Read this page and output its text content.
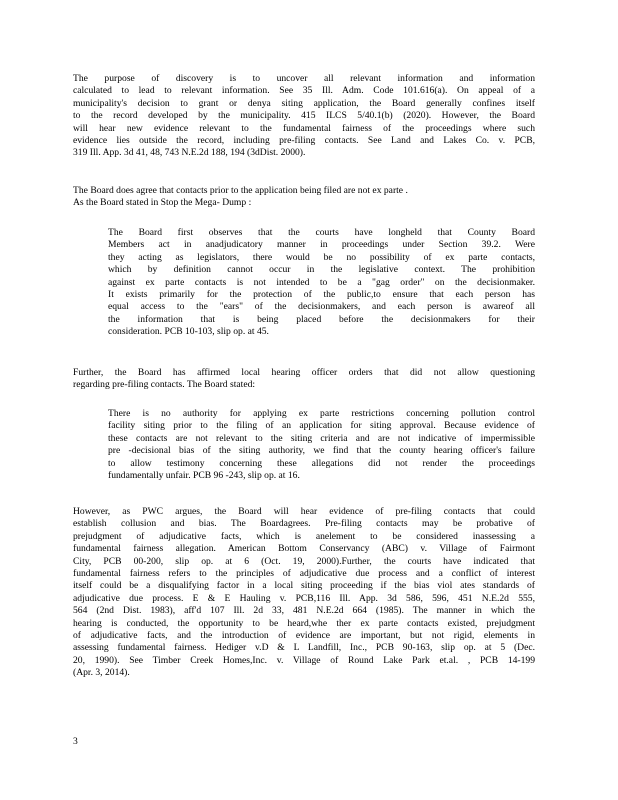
The purpose of discovery is to uncover all relevant information and information
calculated to lead to relevant information. See 35 Ill. Adm. Code 101.616(a). On appeal of a
municipality's decision to grant or denya siting application, the Board generally confines itself
to the record developed by the municipality. 415 ILCS 5/40.1(b) (2020). However, the Board
will hear new evidence relevant to the fundamental fairness of the proceedings where such
evidence lies outside the record, including pre-filing contacts. See Land and Lakes Co. v. PCB,
319 Ill. App. 3d 41, 48, 743 N.E.2d 188, 194 (3dDist. 2000).
The Board does agree that contacts prior to the application being filed are not ex parte .
As the Board stated in Stop the Mega- Dump :
The Board first observes that the courts have longheld that County Board
Members act in anadjudicatory manner in proceedings under Section 39.2. Were
they acting as legislators, there would be no possibility of ex parte contacts,
which by definition cannot occur in the legislative context. The prohibition
against ex parte contacts is not intended to be a "gag order" on the decisionmaker.
It exists primarily for the protection of the public,to ensure that each person has
equal access to the "ears" of the decisionmakers, and each person is awareof all
the information that is being placed before the decisionmakers for their
consideration. PCB 10-103, slip op. at 45.
Further, the Board has affirmed local hearing officer orders that did not allow questioning
regarding pre-filing contacts. The Board stated:
There is no authority for applying ex parte restrictions concerning pollution control
facility siting prior to the filing of an application for siting approval. Because evidence of
these contacts are not relevant to the siting criteria and are not indicative of impermissible
pre -decisional bias of the siting authority, we find that the county hearing officer's failure
to allow testimony concerning these allegations did not render the proceedings
fundamentally unfair. PCB 96 -243, slip op. at 16.
However, as PWC argues, the Board will hear evidence of pre-filing contacts that could
establish collusion and bias. The Boardagrees. Pre-filing contacts may be probative of
prejudgment of adjudicative facts, which is anelement to be considered inassessing a
fundamental fairness allegation. American Bottom Conservancy (ABC) v. Village of Fairmont
City, PCB 00-200, slip op. at 6 (Oct. 19, 2000).Further, the courts have indicated that
fundamental fairness refers to the principles of adjudicative due process and a conflict of interest
itself could be a disqualifying factor in a local siting proceeding if the bias viol ates standards of
adjudicative due process. E & E Hauling v. PCB,116 Ill. App. 3d 586, 596, 451 N.E.2d 555,
564 (2nd Dist. 1983), aff'd 107 Ill. 2d 33, 481 N.E.2d 664 (1985). The manner in which the
hearing is conducted, the opportunity to be heard,whe ther ex parte contacts existed, prejudgment
of adjudicative facts, and the introduction of evidence are important, but not rigid, elements in
assessing fundamental fairness. Hediger v.D & L Landfill, Inc., PCB 90-163, slip op. at 5 (Dec.
20, 1990). See Timber Creek Homes,Inc. v. Village of Round Lake Park et.al. , PCB 14-199
(Apr. 3, 2014).
3
